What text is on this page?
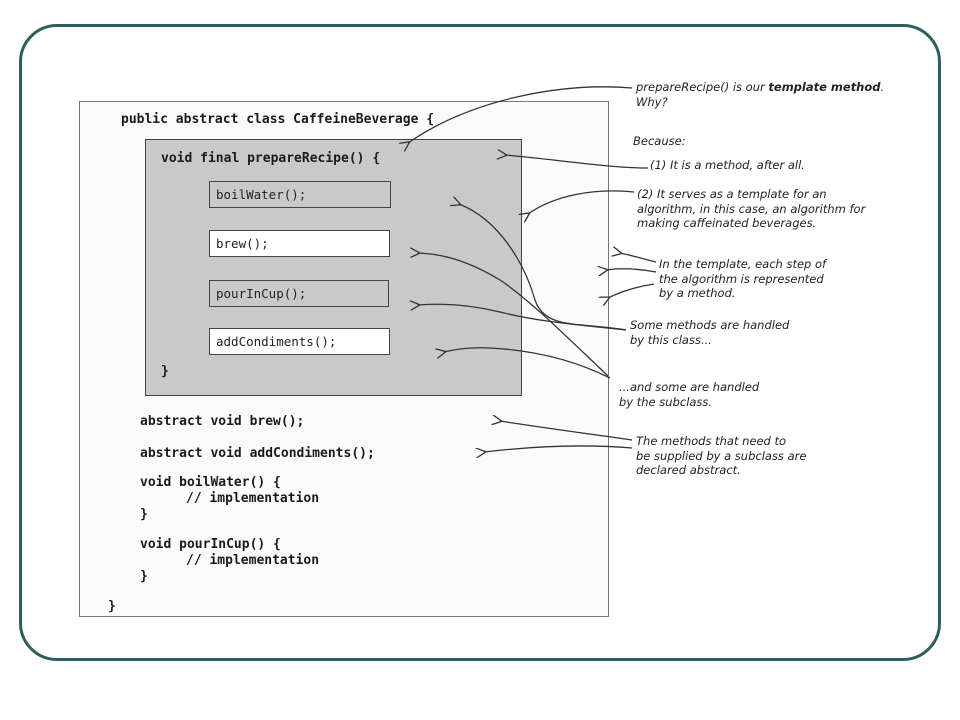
public abstract class CaffeineBeverage {
void final prepareRecipe() {
boilWater();
brew();
pourInCup();
addCondiments();
}
abstract void brew();
abstract void addCondiments();
void boilWater() {
// implementation
}
void pourInCup() {
// implementation
}
}
prepareRecipe() is our template method.
Why?
Because:
(1) It is a method, after all.
(2) It serves as a template for an
algorithm, in this case, an algorithm for
making caffeinated beverages.
In the template, each step of
the algorithm is represented
by a method.
Some methods are handled
by this class...
...and some are handled
by the subclass.
The methods that need to
be supplied by a subclass are
declared abstract.
